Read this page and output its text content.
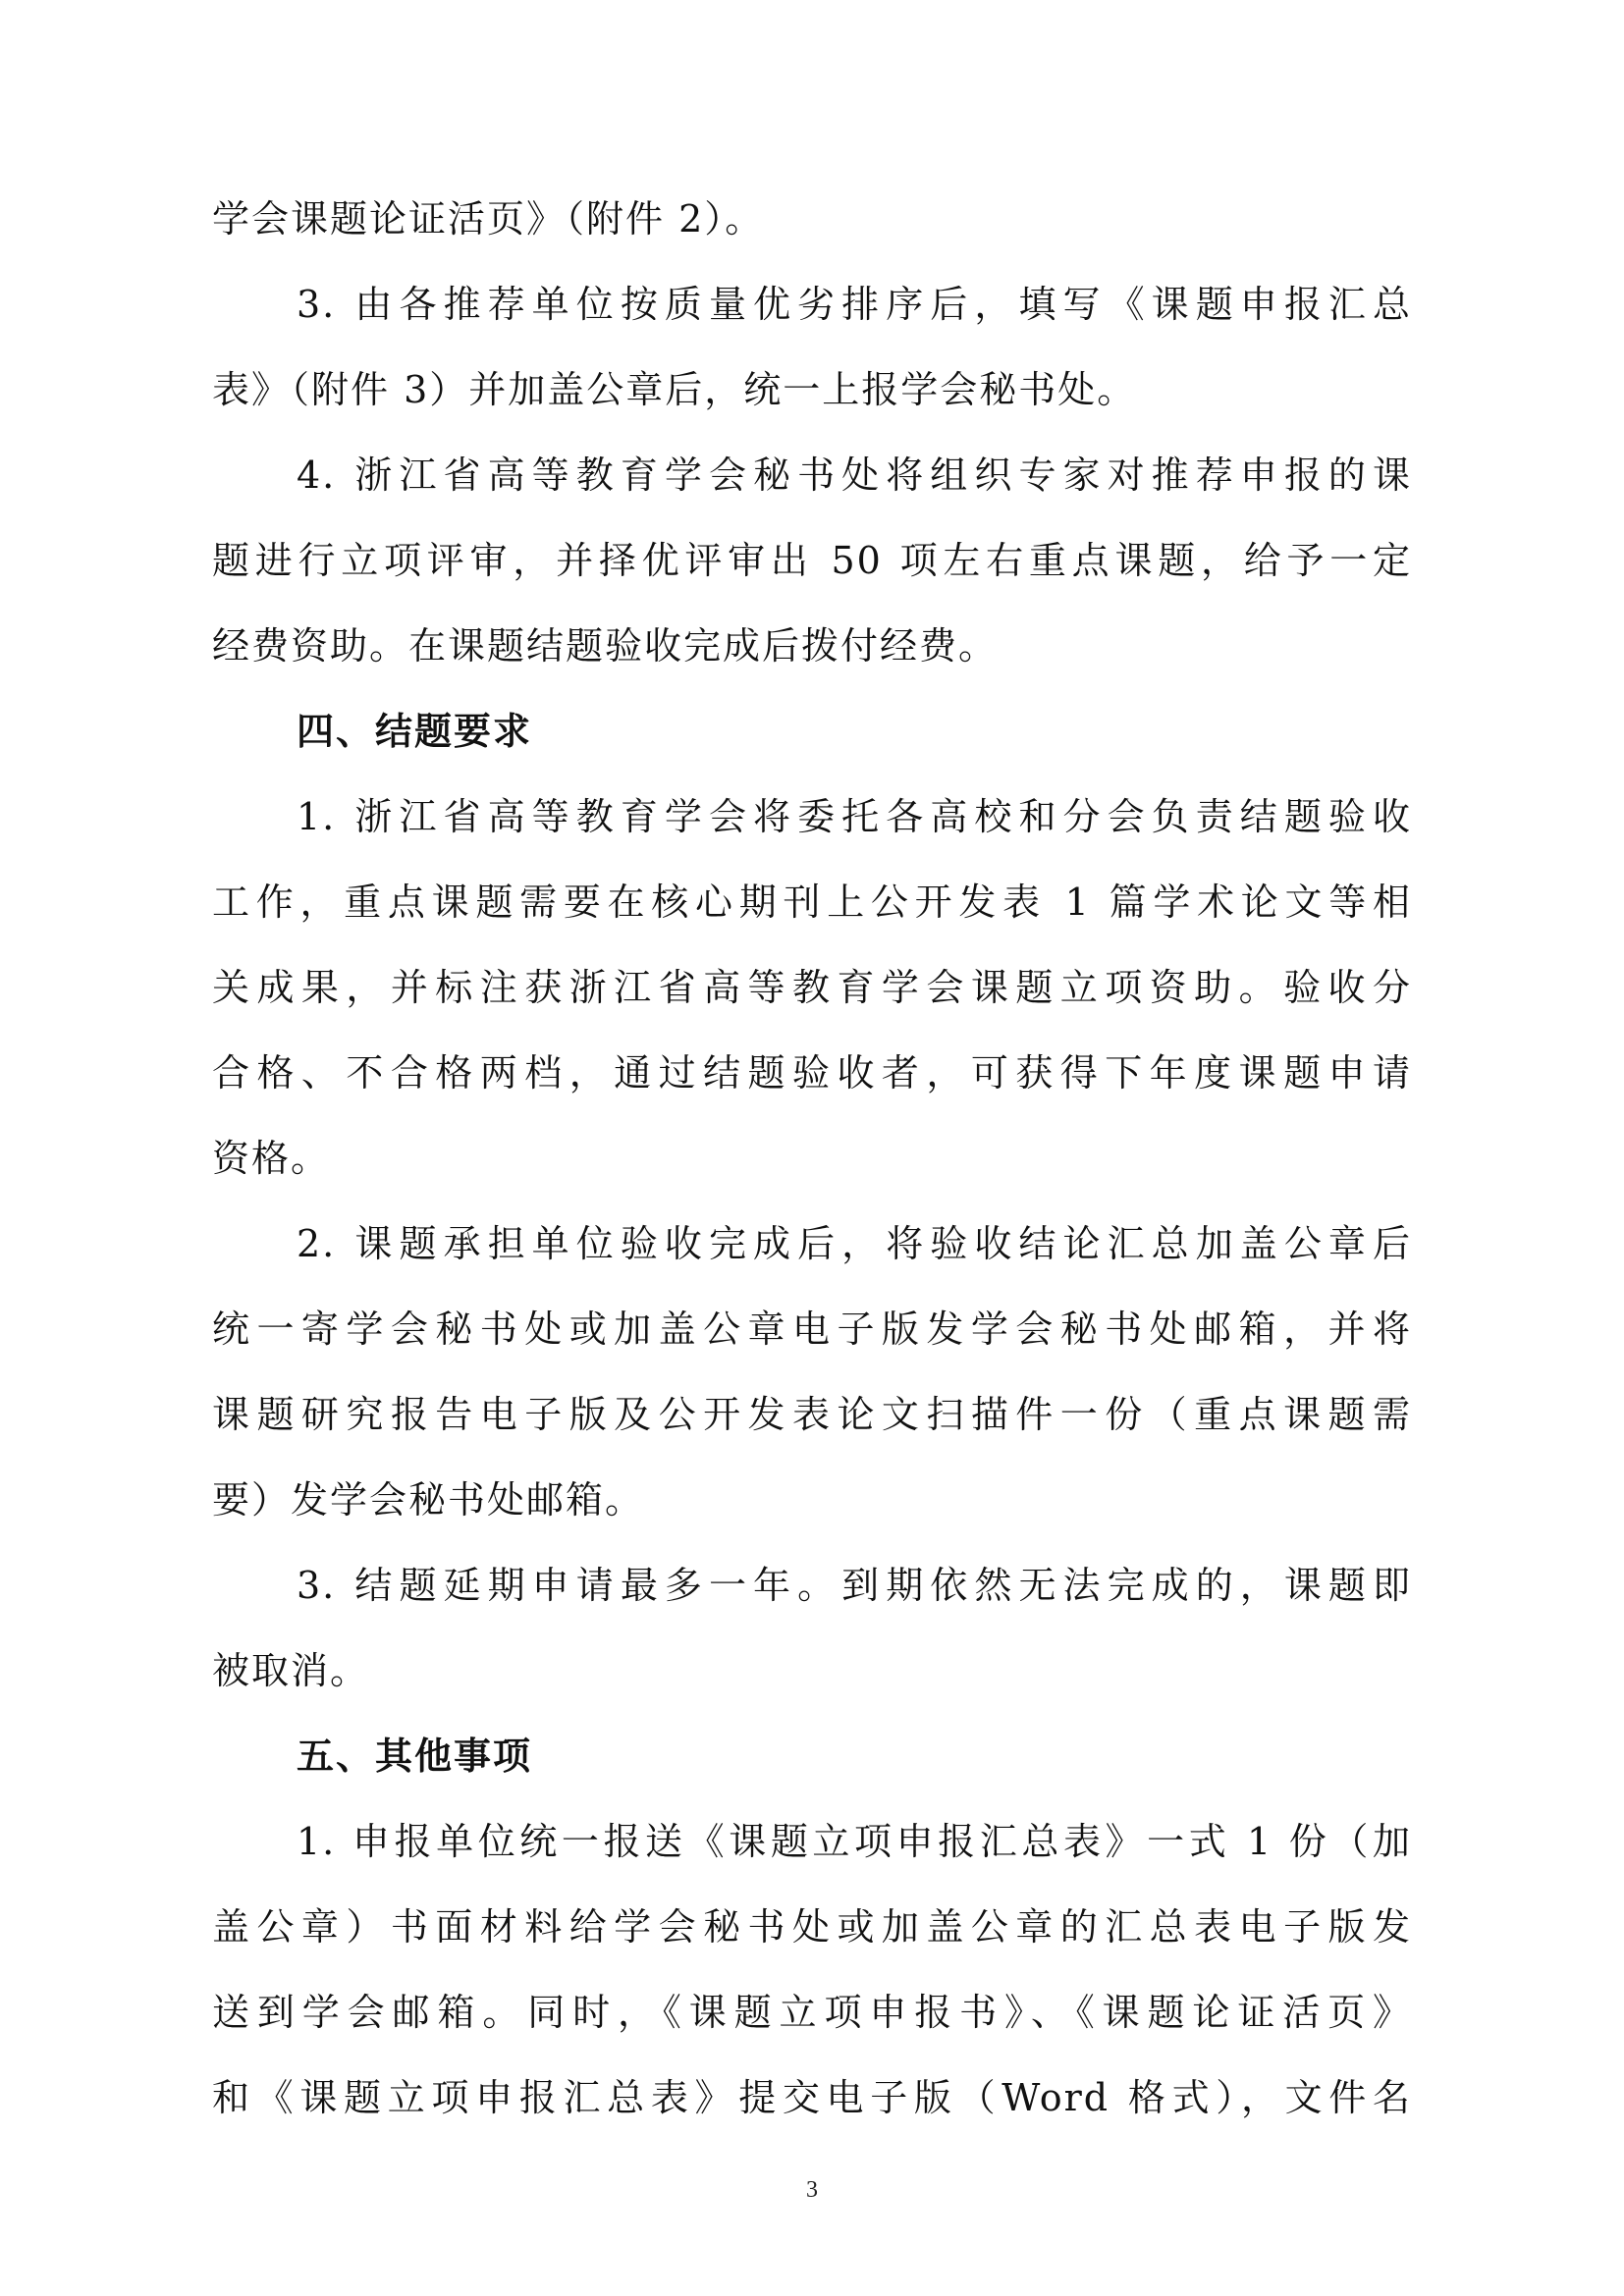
学会课题论证活页》（附件 2）。
3. 由各推荐单位按质量优劣排序后，填写《课题申报汇总
表》（附件 3）并加盖公章后，统一上报学会秘书处。
4. 浙江省高等教育学会秘书处将组织专家对推荐申报的课
题进行立项评审，并择优评审出 50 项左右重点课题，给予一定
经费资助。在课题结题验收完成后拨付经费。
四、结题要求
1. 浙江省高等教育学会将委托各高校和分会负责结题验收
工作，重点课题需要在核心期刊上公开发表 1 篇学术论文等相
关成果，并标注获浙江省高等教育学会课题立项资助。验收分
合格、不合格两档，通过结题验收者，可获得下年度课题申请
资格。
2. 课题承担单位验收完成后，将验收结论汇总加盖公章后
统一寄学会秘书处或加盖公章电子版发学会秘书处邮箱，并将
课题研究报告电子版及公开发表论文扫描件一份（重点课题需
要）发学会秘书处邮箱。
3. 结题延期申请最多一年。到期依然无法完成的，课题即
被取消。
五、其他事项
1. 申报单位统一报送《课题立项申报汇总表》一式 1 份（加
盖公章）书面材料给学会秘书处或加盖公章的汇总表电子版发
送到学会邮箱。同时，《课题立项申报书》、《课题论证活页》
和《课题立项申报汇总表》提交电子版（Word 格式），文件名
3
